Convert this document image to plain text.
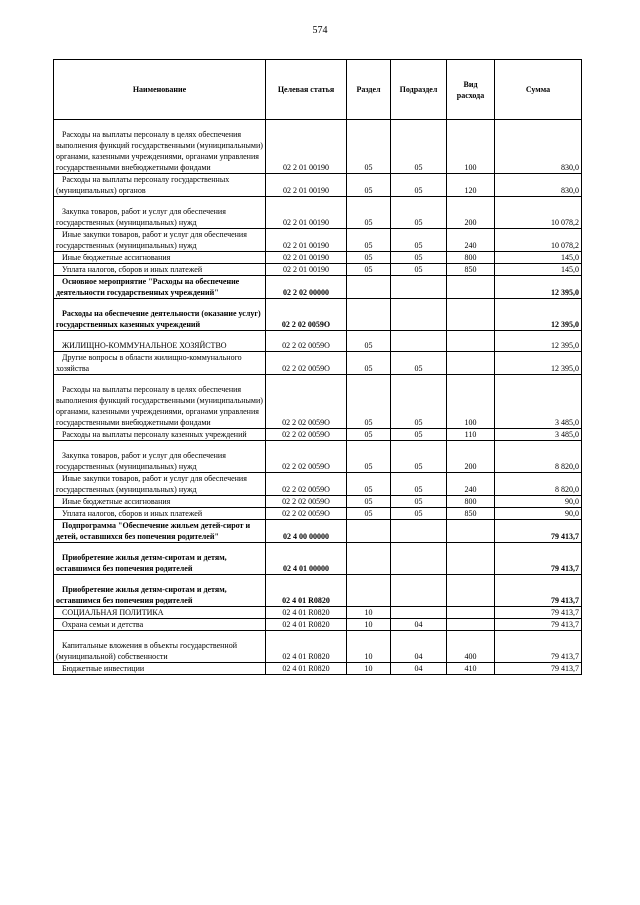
574
Наименование	Целевая статья	Раздел	Подраздел	Вид расхода	Сумма
Расходы на выплаты персоналу в целях обеспечения выполнения функций государственными (муниципальными) органами, казенными учреждениями, органами управления государственными внебюджетными фондами	02 2 01 00190	05	05	100	830,0
Расходы на выплаты персоналу государственных (муниципальных) органов	02 2 01 00190	05	05	120	830,0
Закупка товаров, работ и услуг для обеспечения государственных (муниципальных) нужд	02 2 01 00190	05	05	200	10 078,2
Иные закупки товаров, работ и услуг для обеспечения государственных (муниципальных) нужд	02 2 01 00190	05	05	240	10 078,2
Иные бюджетные ассигнования	02 2 01 00190	05	05	800	145,0
Уплата налогов, сборов и иных платежей	02 2 01 00190	05	05	850	145,0
Основное мероприятие "Расходы на обеспечение деятельности государственных учреждений"	02 2 02 00000				12 395,0
Расходы на обеспечение деятельности (оказание услуг) государственных казенных учреждений	02 2 02 0059О				12 395,0
ЖИЛИЩНО-КОММУНАЛЬНОЕ ХОЗЯЙСТВО	02 2 02 0059О	05			12 395,0
Другие вопросы в области жилищно-коммунального хозяйства	02 2 02 0059О	05	05		12 395,0
Расходы на выплаты персоналу в целях обеспечения выполнения функций государственными (муниципальными) органами, казенными учреждениями, органами управления государственными внебюджетными фондами	02 2 02 0059О	05	05	100	3 485,0
Расходы на выплаты персоналу казенных учреждений	02 2 02 0059О	05	05	110	3 485,0
Закупка товаров, работ и услуг для обеспечения государственных (муниципальных) нужд	02 2 02 0059О	05	05	200	8 820,0
Иные закупки товаров, работ и услуг для обеспечения государственных (муниципальных) нужд	02 2 02 0059О	05	05	240	8 820,0
Иные бюджетные ассигнования	02 2 02 0059О	05	05	800	90,0
Уплата налогов, сборов и иных платежей	02 2 02 0059О	05	05	850	90,0
Подпрограмма "Обеспечение жильем детей-сирот и детей, оставшихся без попечения родителей"	02 4 00 00000				79 413,7
Приобретение жилья детям-сиротам и детям, оставшимся без попечения родителей	02 4 01 00000				79 413,7
Приобретение жилья детям-сиротам и детям, оставшимся без попечения родителей	02 4 01 R0820				79 413,7
СОЦИАЛЬНАЯ ПОЛИТИКА	02 4 01 R0820	10			79 413,7
Охрана семьи и детства	02 4 01 R0820	10	04		79 413,7
Капитальные вложения в объекты государственной (муниципальной) собственности	02 4 01 R0820	10	04	400	79 413,7
Бюджетные инвестиции	02 4 01 R0820	10	04	410	79 413,7
